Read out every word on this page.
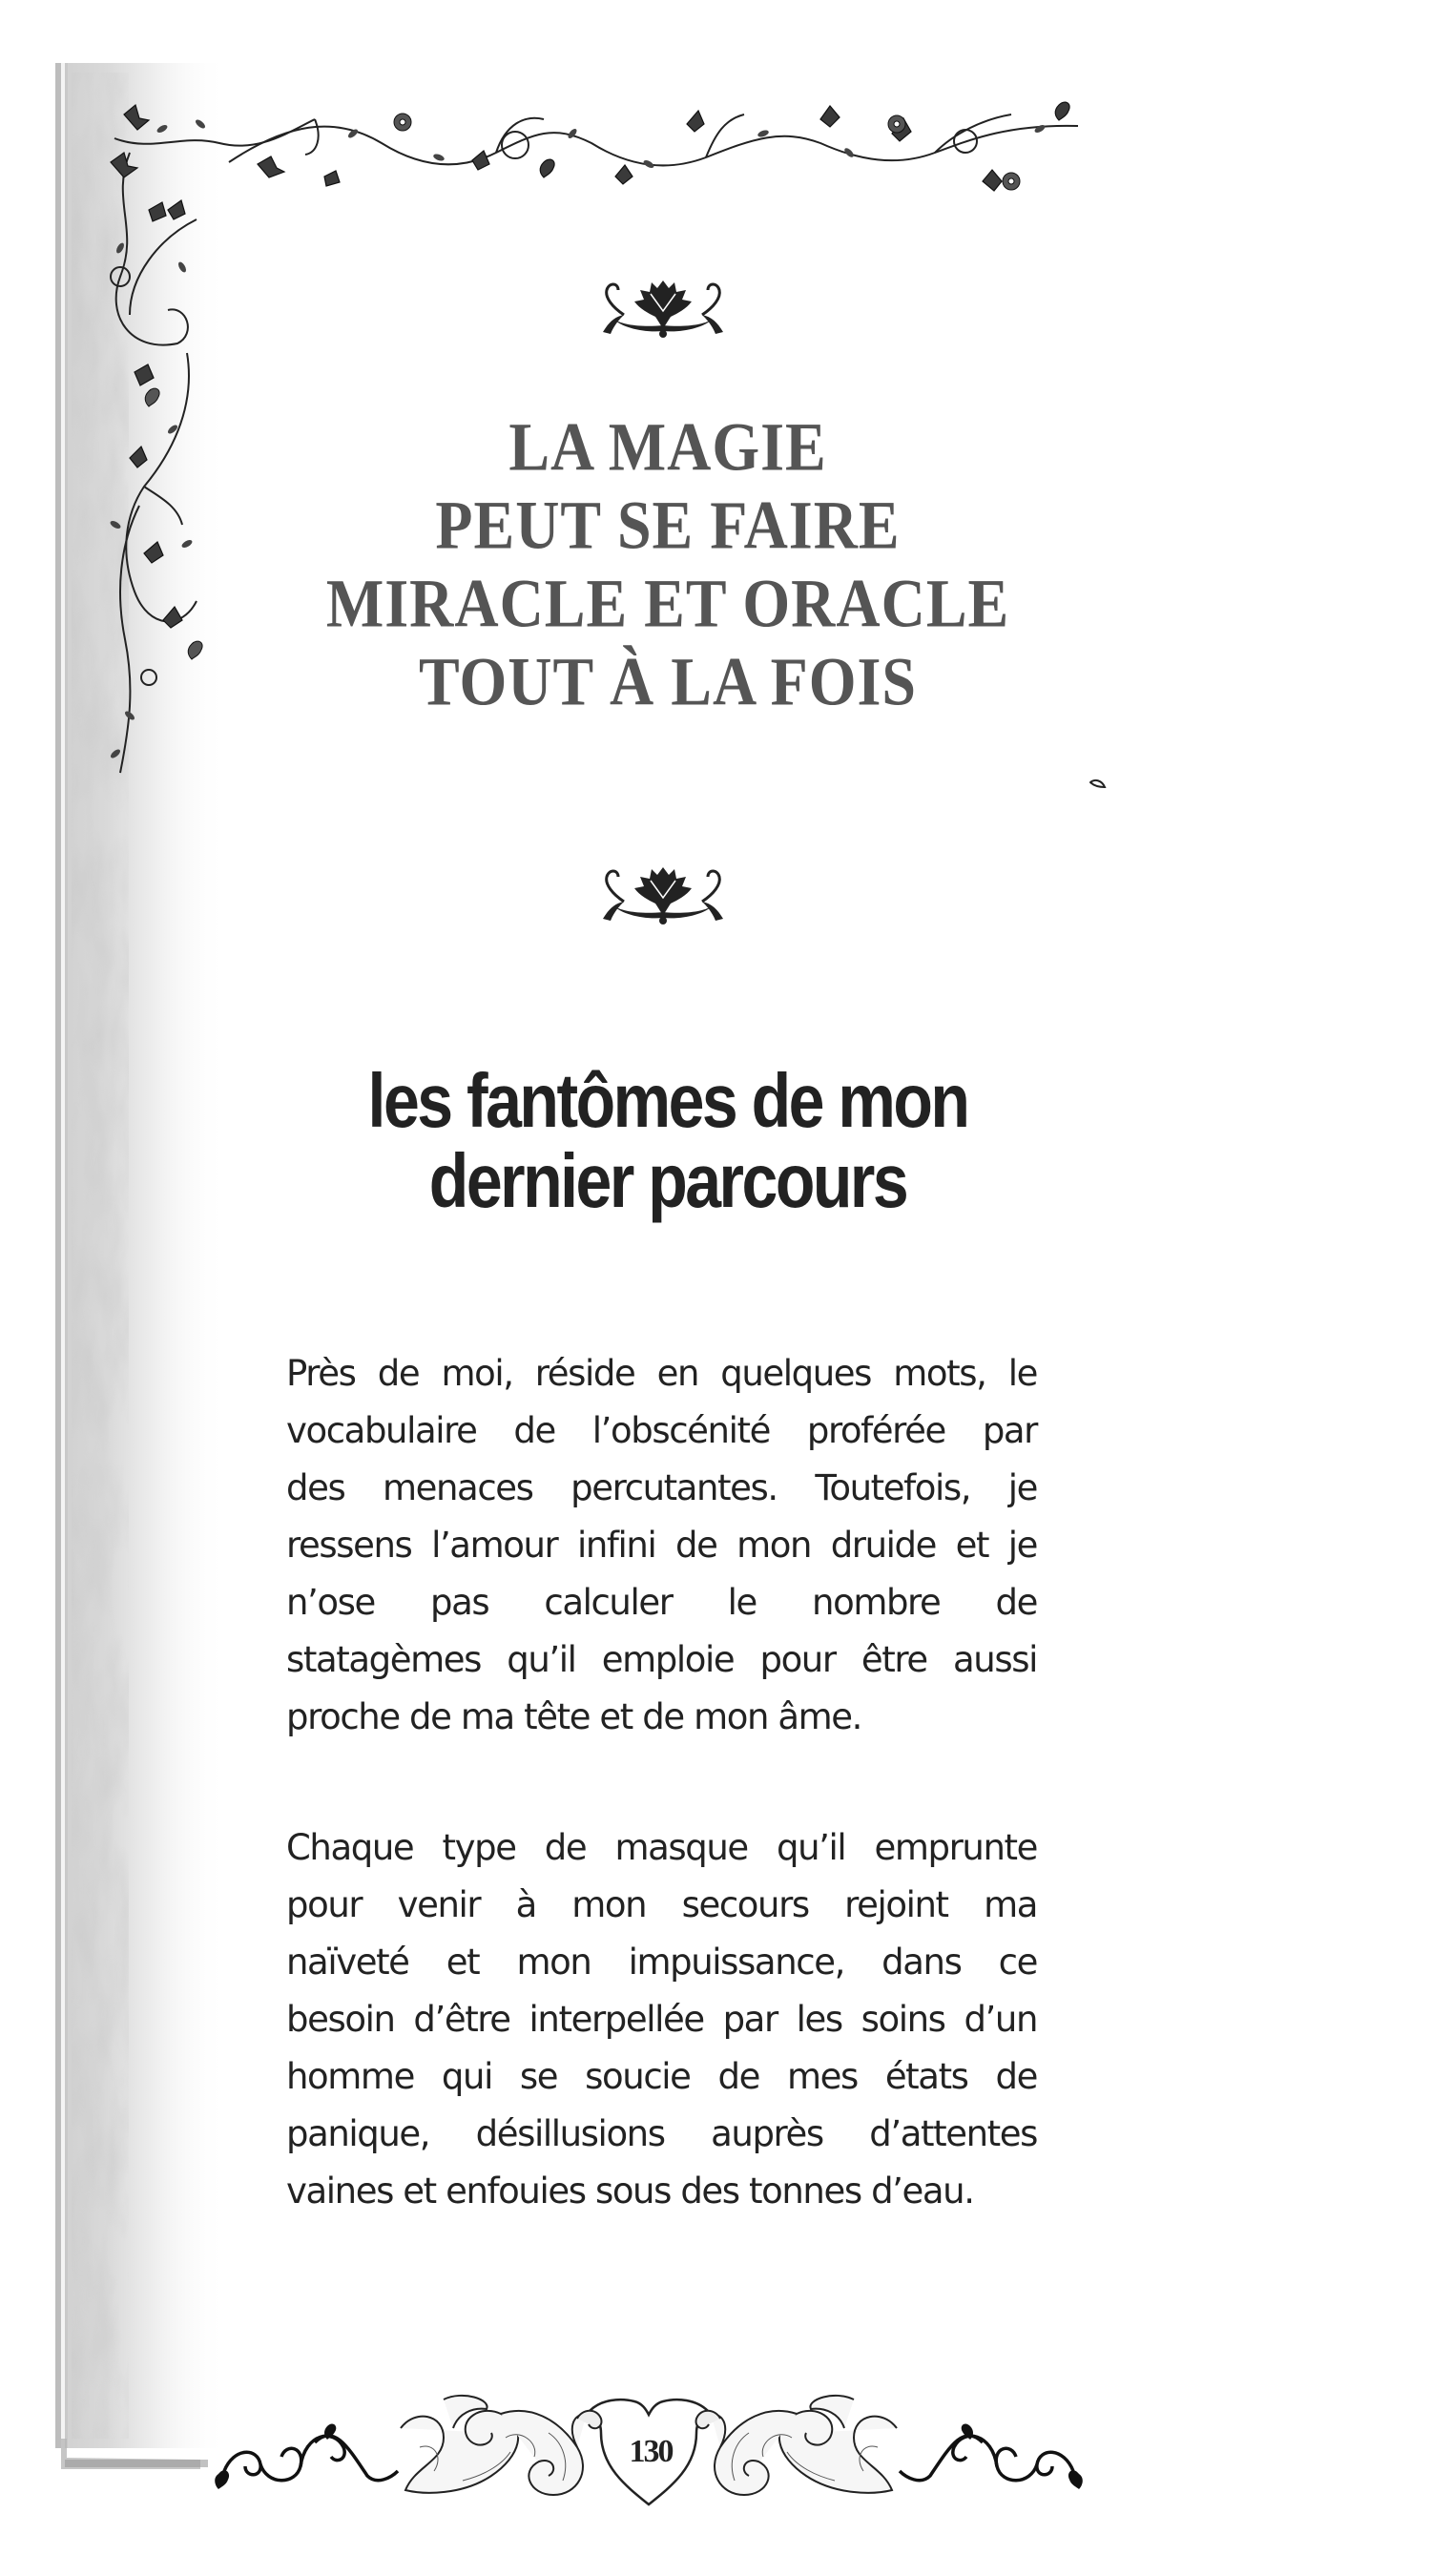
LA MAGIE
PEUT SE FAIRE
MIRACLE ET ORACLE
TOUT À LA FOIS
les fantômes de mon
dernier parcours
Près de moi, réside en quelques mots, le
vocabulaire de l’obscénité proférée par
des menaces percutantes. Toutefois, je
ressens l’amour infini de mon druide et je
n’ose pas calculer le nombre de
statagèmes qu’il emploie pour être aussi
proche de ma tête et de mon âme.
Chaque type de masque qu’il emprunte
pour venir à mon secours rejoint ma
naïveté et mon impuissance, dans ce
besoin d’être interpellée par les soins d’un
homme qui se soucie de mes états de
panique, désillusions auprès d’attentes
vaines et enfouies sous des tonnes d’eau.
130
